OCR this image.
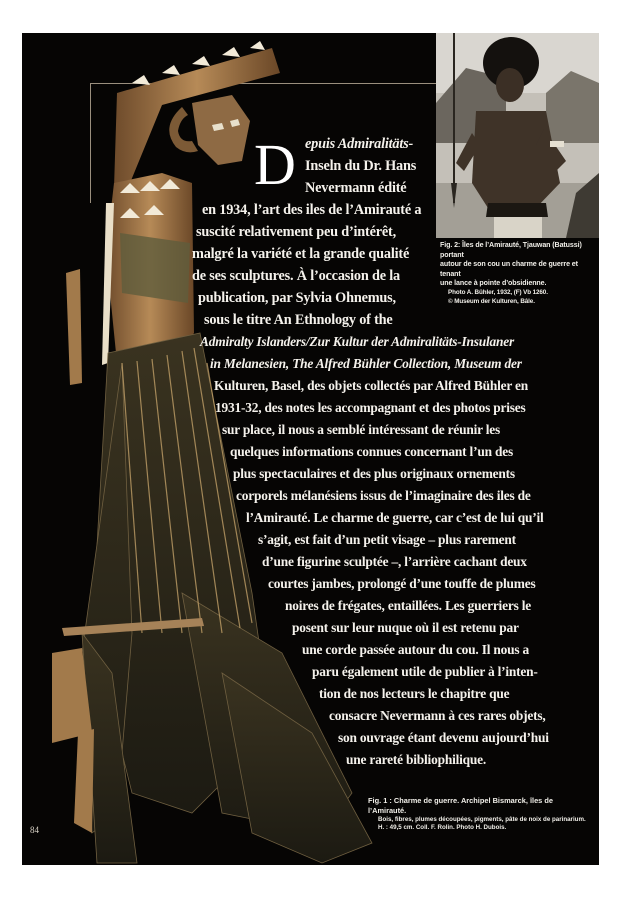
Fig. 2: Îles de l’Amirauté, Tjauwan (Batussi) portant
autour de son cou un charme de guerre et tenant
une lance à pointe d’obsidienne.
Photo A. Bühler, 1932, (F) Vb 1260.
© Museum der Kulturen, Bâle.
D epuis Admiralitäts-
Inseln du Dr. Hans
Nevermann édité
en 1934, l’art des iles de l’Amirauté a
suscité relativement peu d’intérêt,
malgré la variété et la grande qualité
de ses sculptures. À l’occasion de la
publication, par Sylvia Ohnemus,
sous le titre An Ethnology of the
Admiralty Islanders/Zur Kultur der Admiralitäts-Insulaner
in Melanesien, The Alfred Bühler Collection, Museum der
Kulturen, Basel, des objets collectés par Alfred Bühler en
1931-32, des notes les accompagnant et des photos prises
sur place, il nous a semblé intéressant de réunir les
quelques informations connues concernant l’un des
plus spectaculaires et des plus originaux ornements
corporels mélanésiens issus de l’imaginaire des iles de
l’Amirauté. Le charme de guerre, car c’est de lui qu’il
s’agit, est fait d’un petit visage – plus rarement
d’une figurine sculptée –, l’arrière cachant deux
courtes jambes, prolongé d’une touffe de plumes
noires de frégates, entaillées. Les guerriers le
posent sur leur nuque où il est retenu par
une corde passée autour du cou. Il nous a
paru également utile de publier à l’inten-
tion de nos lecteurs le chapitre que
consacre Nevermann à ces rares objets,
son ouvrage étant devenu aujourd’hui
une rareté bibliophilique.
Fig. 1 : Charme de guerre. Archipel Bismarck, îles de l’Amirauté.
Bois, fibres, plumes découpées, pigments, pâte de noix de parinarium.
H. : 49,5 cm. Coll. F. Rolin. Photo H. Dubois.
84
